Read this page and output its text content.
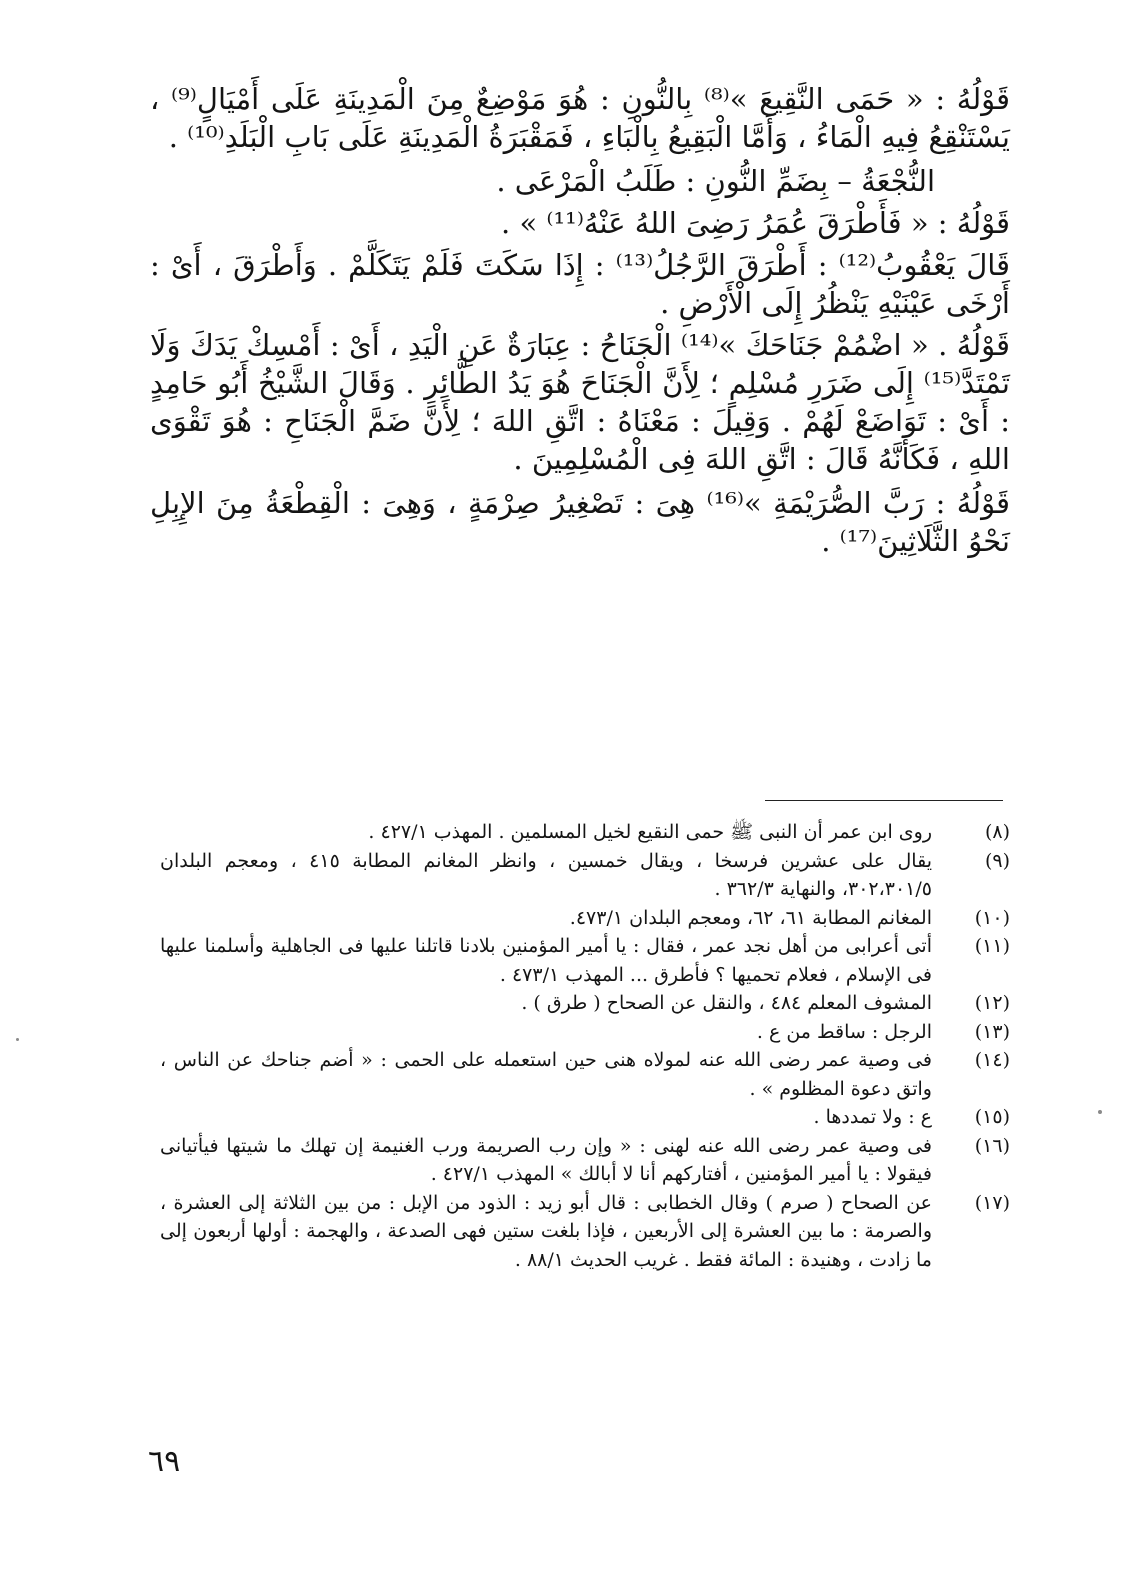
قَوْلُهُ : « حَمَى النَّقِيعَ »⁽⁸⁾ بِالنُّونِ : هُوَ مَوْضِعٌ مِنَ الْمَدِينَةِ عَلَى أَمْيَالٍ⁽⁹⁾ ، يَسْتَنْقِعُ فِيهِ الْمَاءُ ، وَأَمَّا الْبَقِيعُ بِالْبَاءِ ، فَمَقْبَرَةُ الْمَدِينَةِ عَلَى بَابِ الْبَلَدِ⁽¹⁰⁾ .

النُّجْعَةُ – بِضَمِّ النُّونِ : طَلَبُ الْمَرْعَى .

قَوْلُهُ : « فَأَطْرَقَ عُمَرُ رَضِىَ اللهُ عَنْهُ⁽¹¹⁾ » .

قَالَ يَعْقُوبُ⁽¹²⁾ : أَطْرَقَ الرَّجُلُ⁽¹³⁾ : إِذَا سَكَتَ فَلَمْ يَتَكَلَّمْ . وَأَطْرَقَ ، أَىْ : أَرْخَى عَيْنَيْهِ يَنْظُرُ إِلَى الْأَرْضِ .

قَوْلُهُ . « اضْمُمْ جَنَاحَكَ »⁽¹⁴⁾ الْجَنَاحُ : عِبَارَةٌ عَنِ الْيَدِ ، أَىْ : أَمْسِكْ يَدَكَ وَلَا تَمْتَدَّ⁽¹⁵⁾ إِلَى ضَرَرِ مُسْلِمٍ ؛ لِأَنَّ الْجَنَاحَ هُوَ يَدُ الطَّائِرِ . وَقَالَ الشَّيْخُ أَبُو حَامِدٍ : أَىْ : تَوَاضَعْ لَهُمْ . وَقِيلَ : مَعْنَاهُ : اتَّقِ اللهَ ؛ لِأَنَّ ضَمَّ الْجَنَاحِ : هُوَ تَقْوَى اللهِ ، فَكَأَنَّهُ قَالَ : اتَّقِ اللهَ فِى الْمُسْلِمِينَ .

قَوْلُهُ : رَبَّ الصُّرَيْمَةِ »⁽¹⁶⁾ هِىَ : تَصْغِيرُ صِرْمَةٍ ، وَهِىَ : الْقِطْعَةُ مِنَ الإِبِلِ نَحْوُ الثَّلَاثِينَ⁽¹⁷⁾ .

(٨)
روى ابن عمر أن النبى ﷺ حمى النقيع لخيل المسلمين . المهذب ٤٢٧/١ .
(٩)
يقال على عشرين فرسخا ، ويقال خمسين ، وانظر المغانم المطابة ٤١٥ ، ومعجم البلدان ٣٠٢،٣٠١/٥، والنهاية ٣٦٢/٣ .
(١٠)
المغانم المطابة ٦١، ٦٢، ومعجم البلدان ٤٧٣/١.
(١١)
أتى أعرابى من أهل نجد عمر ، فقال : يا أمير المؤمنين بلادنا قاتلنا عليها فى الجاهلية وأسلمنا عليها فى الإسلام ، فعلام تحميها ؟ فأطرق ... المهذب ٤٧٣/١ .
(١٢)
المشوف المعلم ٤٨٤ ، والنقل عن الصحاح ( طرق ) .
(١٣)
الرجل : ساقط من ع .
(١٤)
فى وصية عمر رضى الله عنه لمولاه هنى حين استعمله على الحمى : « أضم جناحك عن الناس ، واتق دعوة المظلوم » .
(١٥)
ع : ولا تمددها .
(١٦)
فى وصية عمر رضى الله عنه لهنى : « وإن رب الصريمة ورب الغنيمة إن تهلك ما شيتها فيأتيانى فيقولا : يا أمير المؤمنين ، أفتاركهم أنا لا أبالك » المهذب ٤٢٧/١ .
(١٧)
عن الصحاح ( صرم ) وقال الخطابى : قال أبو زيد : الذود من الإبل : من بين الثلاثة إلى العشرة ، والصرمة : ما بين العشرة إلى الأربعين ، فإذا بلغت ستين فهى الصدعة ، والهجمة : أولها أربعون إلى ما زادت ، وهنيدة : المائة فقط . غريب الحديث ٨٨/١ .
٦٩
